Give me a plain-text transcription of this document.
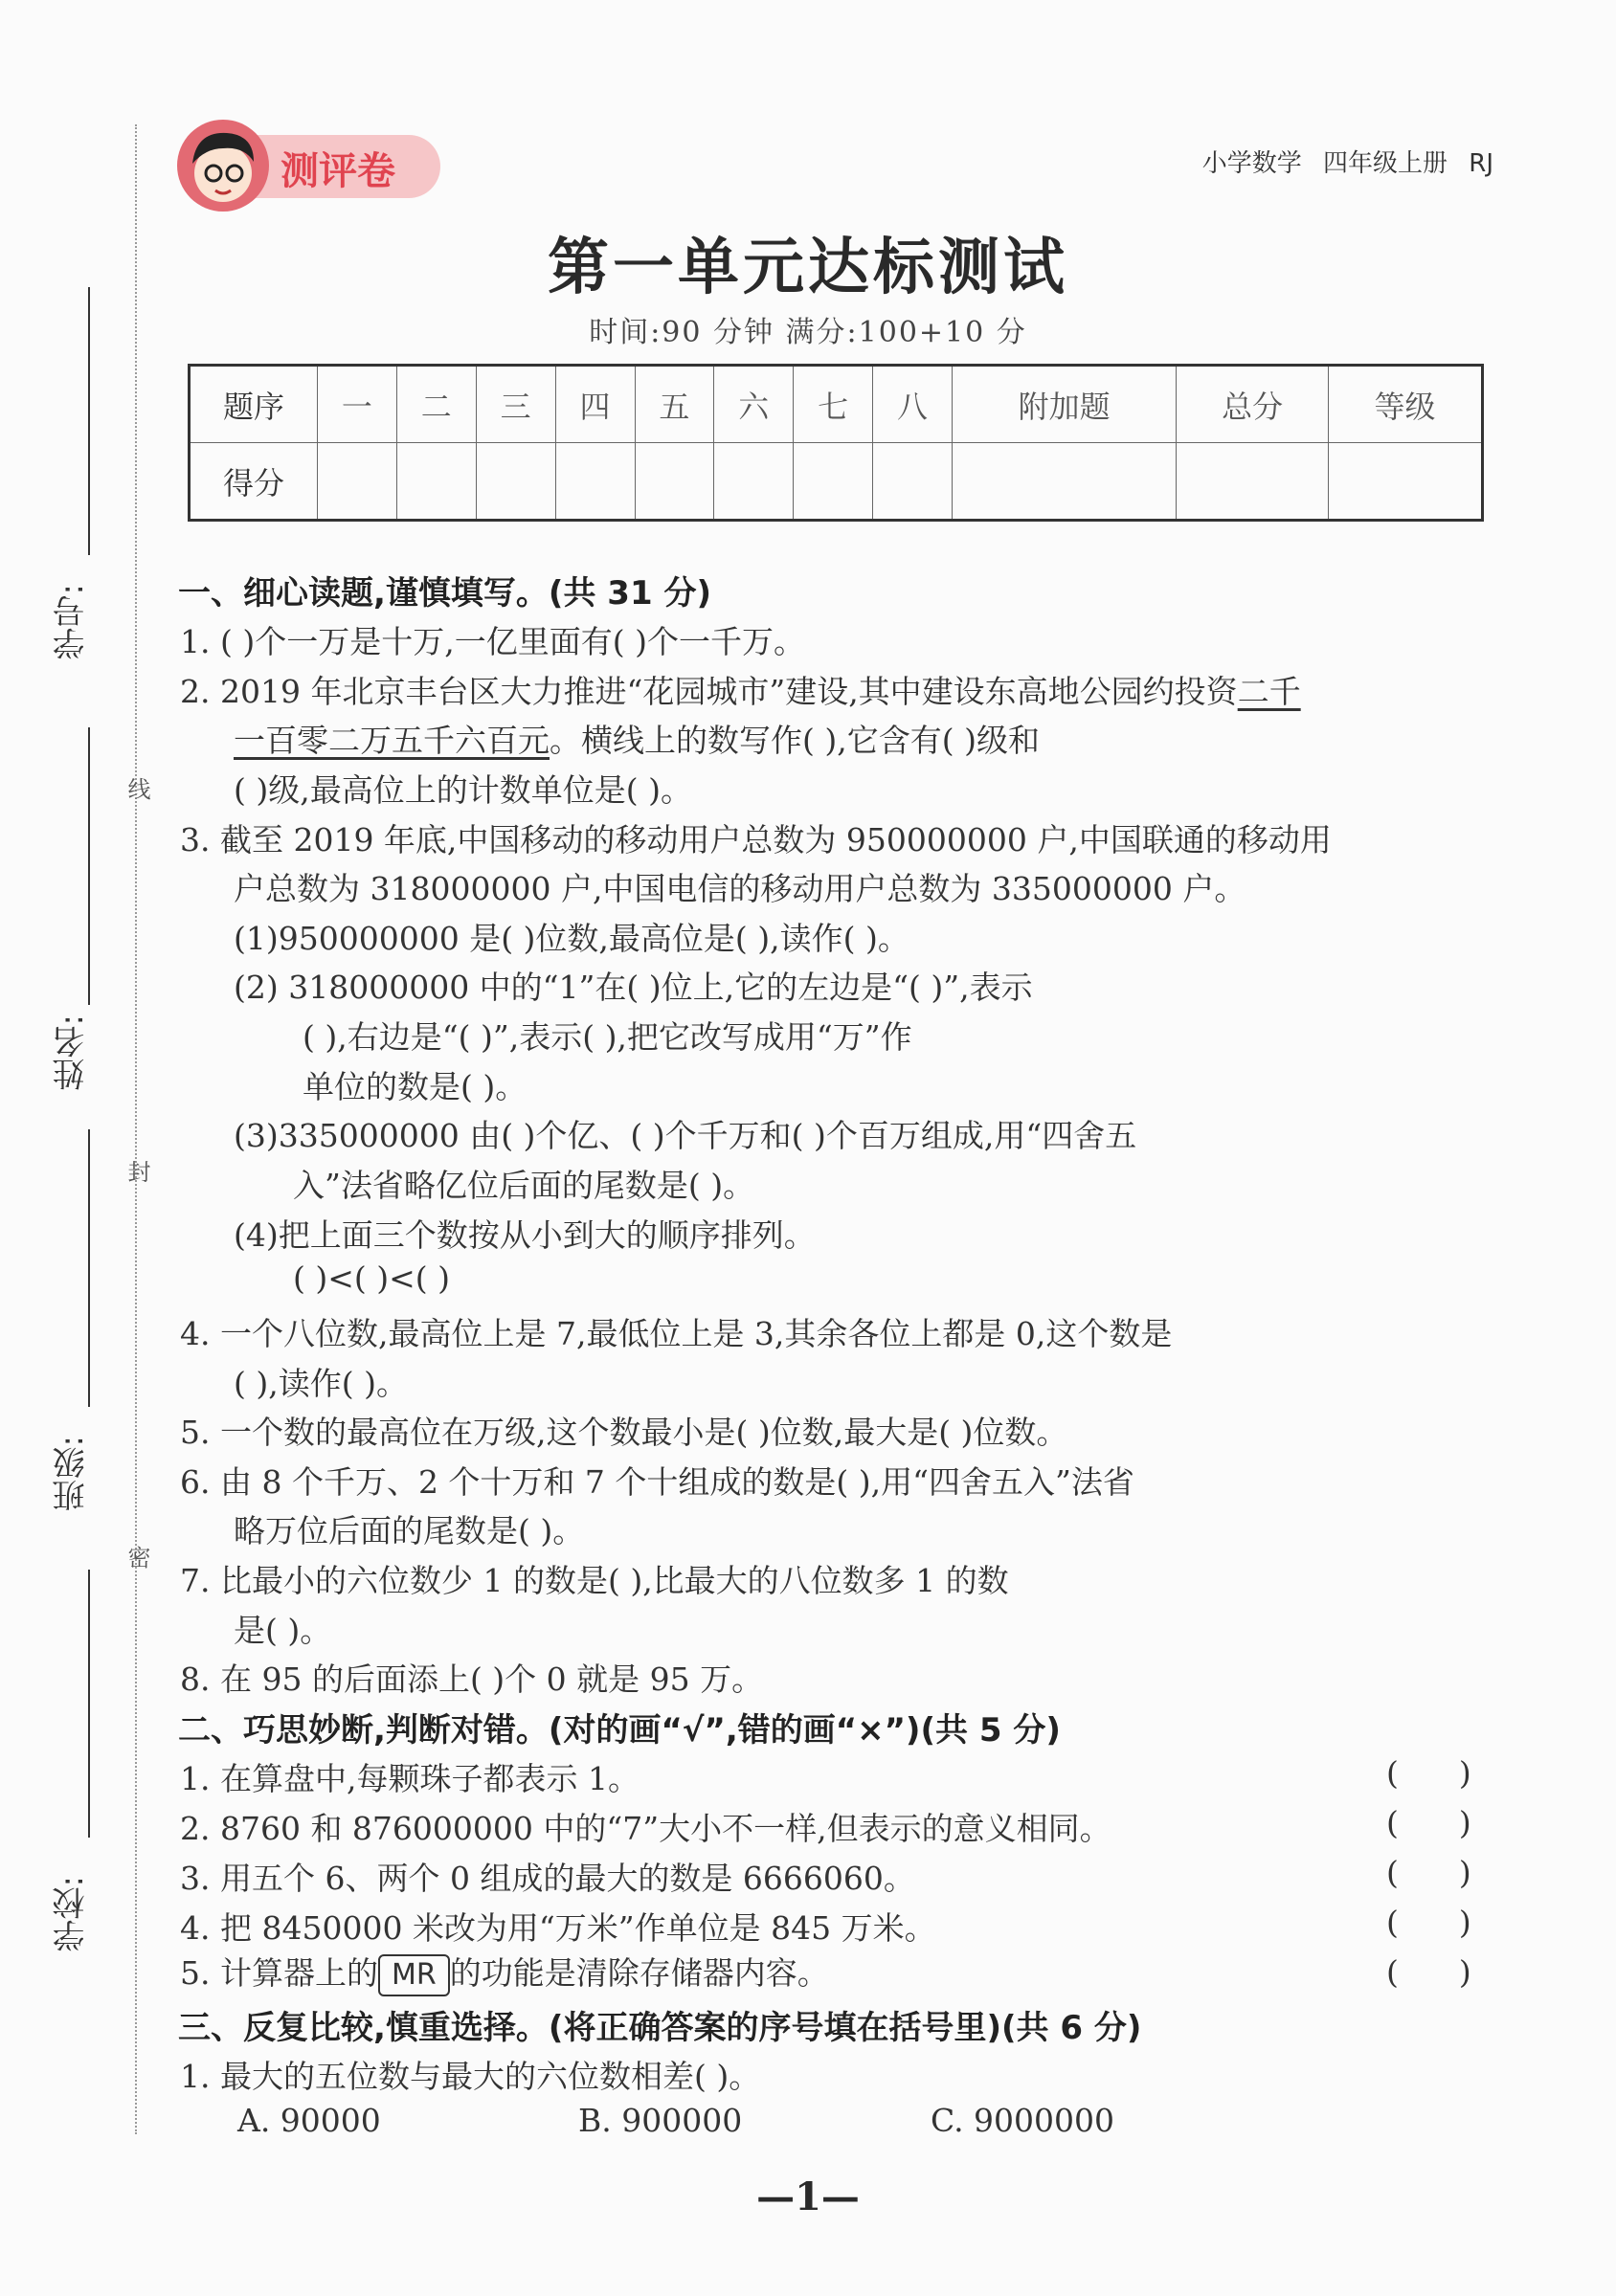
学号:
姓名:
班级:
学校:
线
封
密
测评卷	小学数学 四年级上册 RJ
第一单元达标测试
时间:90 分钟 满分:100+10 分
题序	一	二	三	四	五	六	七	八	附加题	总分	等级
得分											
一、细心读题,谨慎填写。(共 31 分)
1. ( )个一万是十万,一亿里面有( )个一千万。
2. 2019 年北京丰台区大力推进“花园城市”建设,其中建设东高地公园约投资二千
一百零二万五千六百元。横线上的数写作( ),它含有( )级和
( )级,最高位上的计数单位是( )。
3. 截至 2019 年底,中国移动的移动用户总数为 950000000 户,中国联通的移动用
户总数为 318000000 户,中国电信的移动用户总数为 335000000 户。
(1)950000000 是( )位数,最高位是( ),读作( )。
(2) 318000000 中的“1”在( )位上,它的左边是“( )”,表示
( ),右边是“( )”,表示( ),把它改写成用“万”作
单位的数是( )。
(3)335000000 由( )个亿、( )个千万和( )个百万组成,用“四舍五
入”法省略亿位后面的尾数是( )。
(4)把上面三个数按从小到大的顺序排列。
( )<( )<( )
4. 一个八位数,最高位上是 7,最低位上是 3,其余各位上都是 0,这个数是
( ),读作( )。
5. 一个数的最高位在万级,这个数最小是( )位数,最大是( )位数。
6. 由 8 个千万、2 个十万和 7 个十组成的数是( ),用“四舍五入”法省
略万位后面的尾数是( )。
7. 比最小的六位数少 1 的数是( ),比最大的八位数多 1 的数
是( )。
8. 在 95 的后面添上( )个 0 就是 95 万。
二、巧思妙断,判断对错。(对的画“√”,错的画“×”)(共 5 分)
1. 在算盘中,每颗珠子都表示 1。	(      )
2. 8760 和 876000000 中的“7”大小不一样,但表示的意义相同。	(      )
3. 用五个 6、两个 0 组成的最大的数是 6666060。	(      )
4. 把 8450000 米改为用“万米”作单位是 845 万米。	(      )
5. 计算器上的 MR 的功能是清除存储器内容。	(      )
三、反复比较,慎重选择。(将正确答案的序号填在括号里)(共 6 分)
1. 最大的五位数与最大的六位数相差( )。
A. 90000	B. 900000	C. 9000000
—1—
